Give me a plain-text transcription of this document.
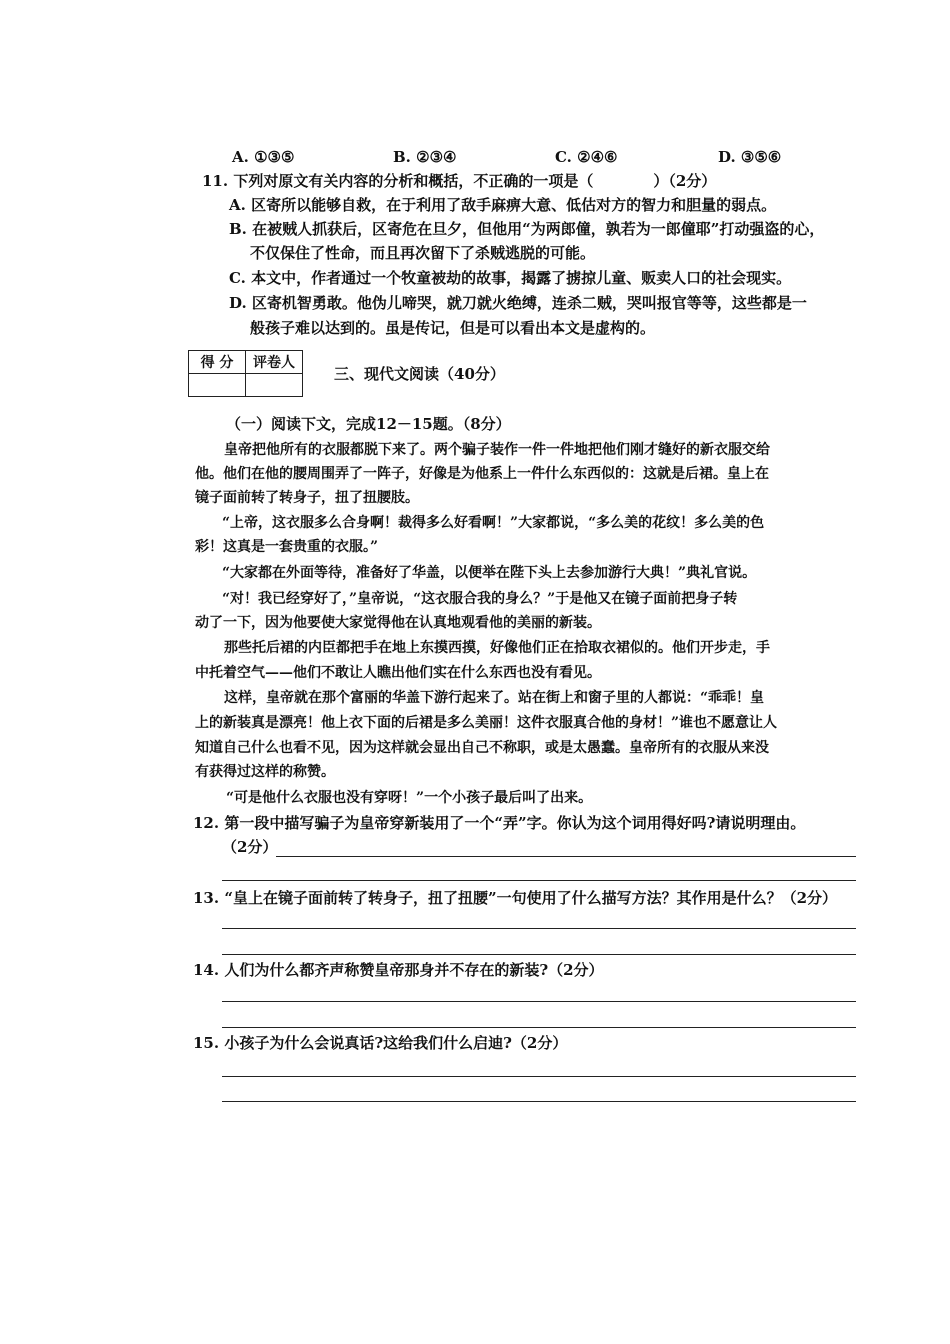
A. ①③⑤	B. ②③④	C. ②④⑥	D. ③⑤⑥
11. 下列对原文有关内容的分析和概括，不正确的一项是（　　　　）（2分）
A. 区寄所以能够自救，在于利用了敌手麻痹大意、低估对方的智力和胆量的弱点。
B. 在被贼人抓获后，区寄危在旦夕，但他用“为两郎僮，孰若为一郎僮耶”打动强盗的心，
不仅保住了性命，而且再次留下了杀贼逃脱的可能。
C. 本文中，作者通过一个牧童被劫的故事，揭露了掳掠儿童、贩卖人口的社会现实。
D. 区寄机智勇敢。他伪儿啼哭，就刀就火绝缚，连杀二贼，哭叫报官等等，这些都是一
般孩子难以达到的。虽是传记，但是可以看出本文是虚构的。
得 分	评卷人

三、现代文阅读（40分）
（一）阅读下文，完成12－15题。（8分）
皇帝把他所有的衣服都脱下来了。两个骗子装作一件一件地把他们刚才缝好的新衣服交给
他。他们在他的腰周围弄了一阵子，好像是为他系上一件什么东西似的：这就是后裙。皇上在
镜子面前转了转身子，扭了扭腰肢。
“上帝，这衣服多么合身啊！裁得多么好看啊！”大家都说，“多么美的花纹！多么美的色
彩！这真是一套贵重的衣服。”
“大家都在外面等待，准备好了华盖，以便举在陛下头上去参加游行大典！”典礼官说。
“对！我已经穿好了，”皇帝说，“这衣服合我的身么？”于是他又在镜子面前把身子转
动了一下，因为他要使大家觉得他在认真地观看他的美丽的新装。
那些托后裙的内臣都把手在地上东摸西摸，好像他们正在拾取衣裙似的。他们开步走，手
中托着空气——他们不敢让人瞧出他们实在什么东西也没有看见。
这样，皇帝就在那个富丽的华盖下游行起来了。站在街上和窗子里的人都说：“乖乖！皇
上的新装真是漂亮！他上衣下面的后裙是多么美丽！这件衣服真合他的身材！”谁也不愿意让人
知道自己什么也看不见，因为这样就会显出自己不称职，或是太愚蠢。皇帝所有的衣服从来没
有获得过这样的称赞。
“可是他什么衣服也没有穿呀！”一个小孩子最后叫了出来。
12. 第一段中描写骗子为皇帝穿新装用了一个“弄”字。你认为这个词用得好吗?请说明理由。
（2分）
13. “皇上在镜子面前转了转身子，扭了扭腰”一句使用了什么描写方法？其作用是什么？（2分）
14. 人们为什么都齐声称赞皇帝那身并不存在的新装?（2分）
15. 小孩子为什么会说真话?这给我们什么启迪?（2分）
